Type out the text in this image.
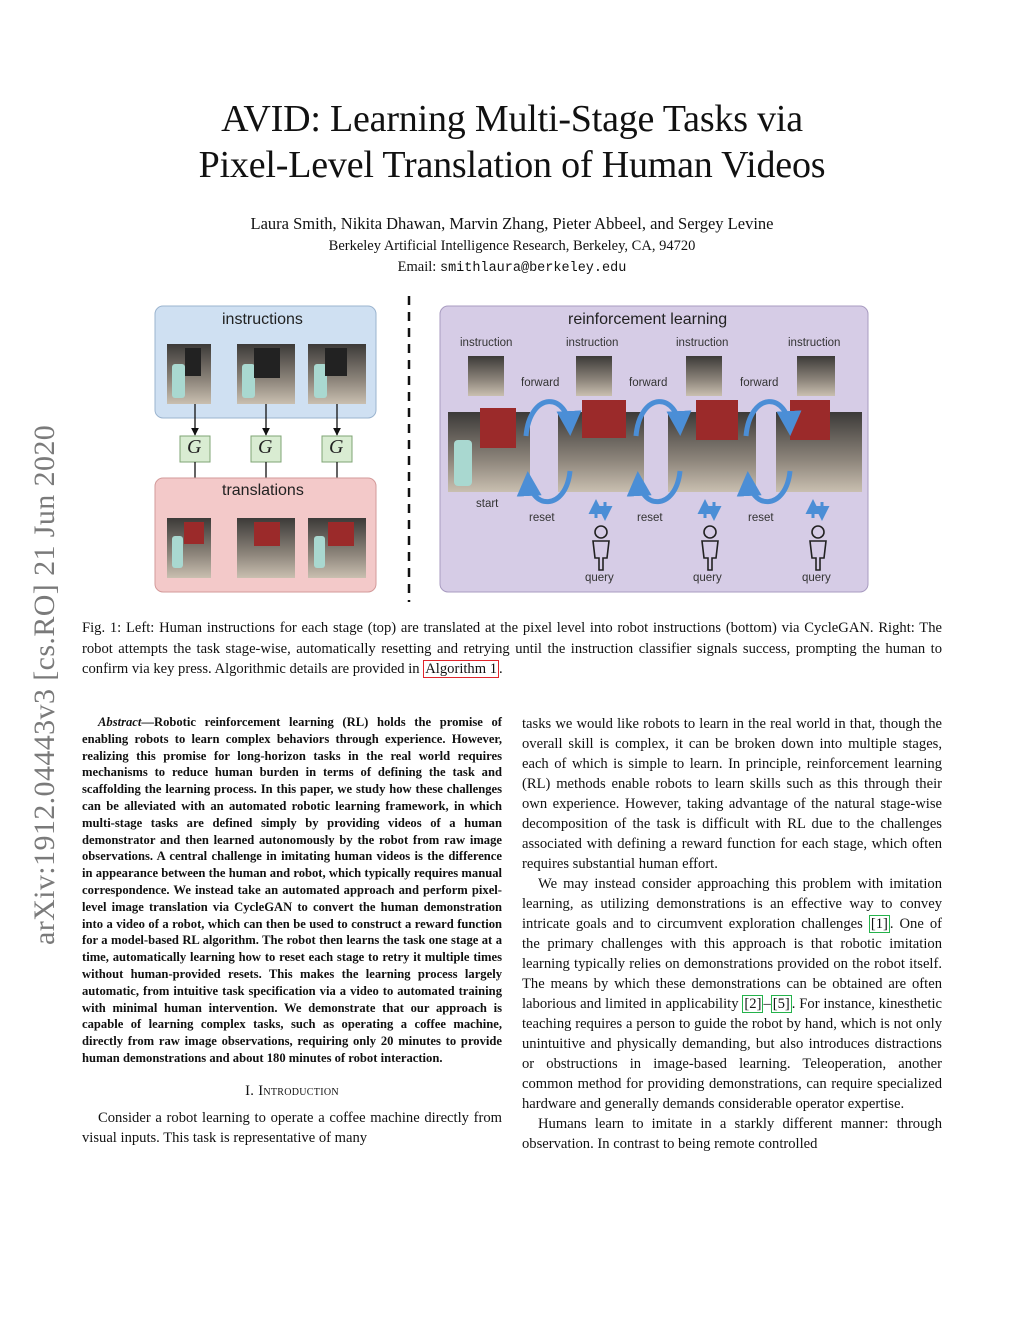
AVID: Learning Multi-Stage Tasks via
Pixel-Level Translation of Human Videos
Laura Smith, Nikita Dhawan, Marvin Zhang, Pieter Abbeel, and Sergey Levine
Berkeley Artificial Intelligence Research, Berkeley, CA, 94720
Email: smithlaura@berkeley.edu
arXiv:1912.04443v3 [cs.RO] 21 Jun 2020
instructions
G	G	G
translations
reinforcement learning
instruction	instruction	instruction	instruction
forward	forward	forward
start
reset	reset	reset
query	query	query
Fig. 1: Left: Human instructions for each stage (top) are translated at the pixel level into robot instructions (bottom) via CycleGAN. Right: The robot attempts the task stage-wise, automatically resetting and retrying until the instruction classifier signals success, prompting the human to confirm via key press. Algorithmic details are provided in Algorithm 1 .
Abstract—Robotic reinforcement learning (RL) holds the promise of enabling robots to learn complex behaviors through experience. However, realizing this promise for long-horizon tasks in the real world requires mechanisms to reduce human burden in terms of defining the task and scaffolding the learning process. In this paper, we study how these challenges can be alleviated with an automated robotic learning framework, in which multi-stage tasks are defined simply by providing videos of a human demonstrator and then learned autonomously by the robot from raw image observations. A central challenge in imitating human videos is the difference in appearance between the human and robot, which typically requires manual correspondence. We instead take an automated approach and perform pixel-level image translation via CycleGAN to convert the human demonstration into a video of a robot, which can then be used to construct a reward function for a model-based RL algorithm. The robot then learns the task one stage at a time, automatically learning how to reset each stage to retry it multiple times without human-provided resets. This makes the learning process largely automatic, from intuitive task specification via a video to automated training with minimal human intervention. We demonstrate that our approach is capable of learning complex tasks, such as operating a coffee machine, directly from raw image observations, requiring only 20 minutes to provide human demonstrations and about 180 minutes of robot interaction.
I. Introduction
Consider a robot learning to operate a coffee machine directly from visual inputs. This task is representative of many
tasks we would like robots to learn in the real world in that, though the overall skill is complex, it can be broken down into multiple stages, each of which is simple to learn. In principle, reinforcement learning (RL) methods enable robots to learn skills such as this through their own experience. However, taking advantage of the natural stage-wise decomposition of the task is difficult with RL due to the challenges associated with defining a reward function for each stage, which often requires substantial human effort.
We may instead consider approaching this problem with imitation learning, as utilizing demonstrations is an effective way to convey intricate goals and to circumvent exploration challenges [1] . One of the primary challenges with this approach is that robotic imitation learning typically relies on demonstrations provided on the robot itself. The means by which these demonstrations can be obtained are often laborious and limited in applicability [2] – [5] . For instance, kinesthetic teaching requires a person to guide the robot by hand, which is not only unintuitive and physically demanding, but also introduces distractions or obstructions in image-based learning. Teleoperation, another common method for providing demonstrations, can require specialized hardware and generally demands considerable operator expertise.
Humans learn to imitate in a starkly different manner: through observation. In contrast to being remote controlled
